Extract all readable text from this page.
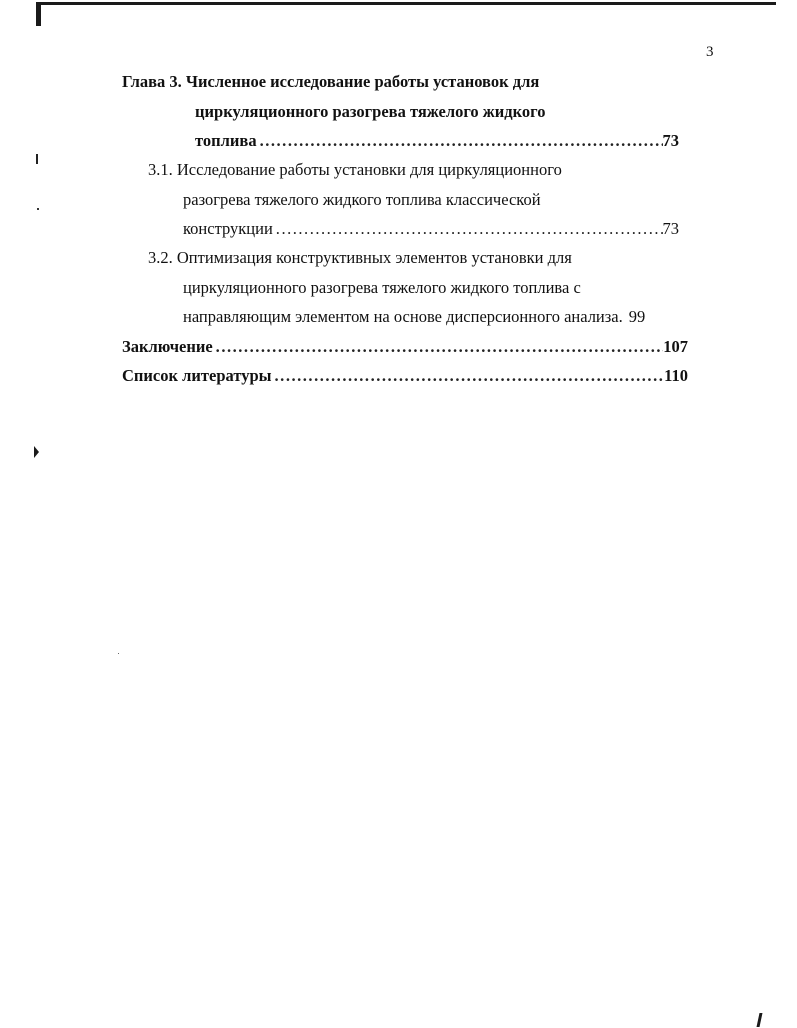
3
Глава 3. Численное исследование работы установок для
циркуляционного разогрева тяжелого жидкого
топлива . . .	73
3.1. Исследование работы установки для циркуляционного
разогрева тяжелого жидкого топлива классической
конструкции . . .	73
3.2. Оптимизация конструктивных элементов установки для
циркуляционного разогрева тяжелого жидкого топлива с
направляющим элементом на основе дисперсионного анализа. 99
Заключение . . .	107
Список литературы . . .	110
